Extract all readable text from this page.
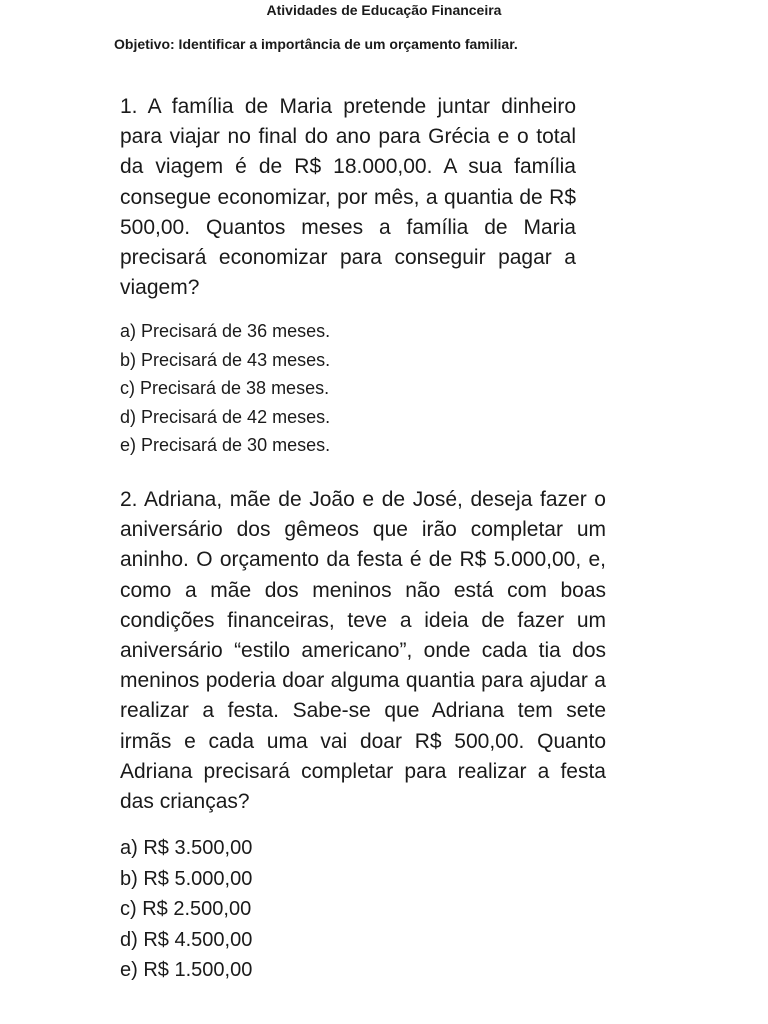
Atividades de Educação Financeira
Objetivo: Identificar a importância de um orçamento familiar.

1. A família de Maria pretende juntar dinheiro para viajar no final do ano para Grécia e o total da viagem é de R$ 18.000,00. A sua família consegue economizar, por mês, a quantia de R$ 500,00. Quantos meses a família de Maria precisará economizar para conseguir pagar a viagem?

a) Precisará de 36 meses.
b) Precisará de 43 meses.
c) Precisará de 38 meses.
d) Precisará de 42 meses.
e) Precisará de 30 meses.

2. Adriana, mãe de João e de José, deseja fazer o aniversário dos gêmeos que irão completar um aninho. O orçamento da festa é de R$ 5.000,00, e, como a mãe dos meninos não está com boas condições financeiras, teve a ideia de fazer um aniversário “estilo americano”, onde cada tia dos meninos poderia doar alguma quantia para ajudar a realizar a festa. Sabe-se que Adriana tem sete irmãs e cada uma vai doar R$ 500,00. Quanto Adriana precisará completar para realizar a festa das crianças?

a) R$ 3.500,00
b) R$ 5.000,00
c) R$ 2.500,00
d) R$ 4.500,00
e) R$ 1.500,00
